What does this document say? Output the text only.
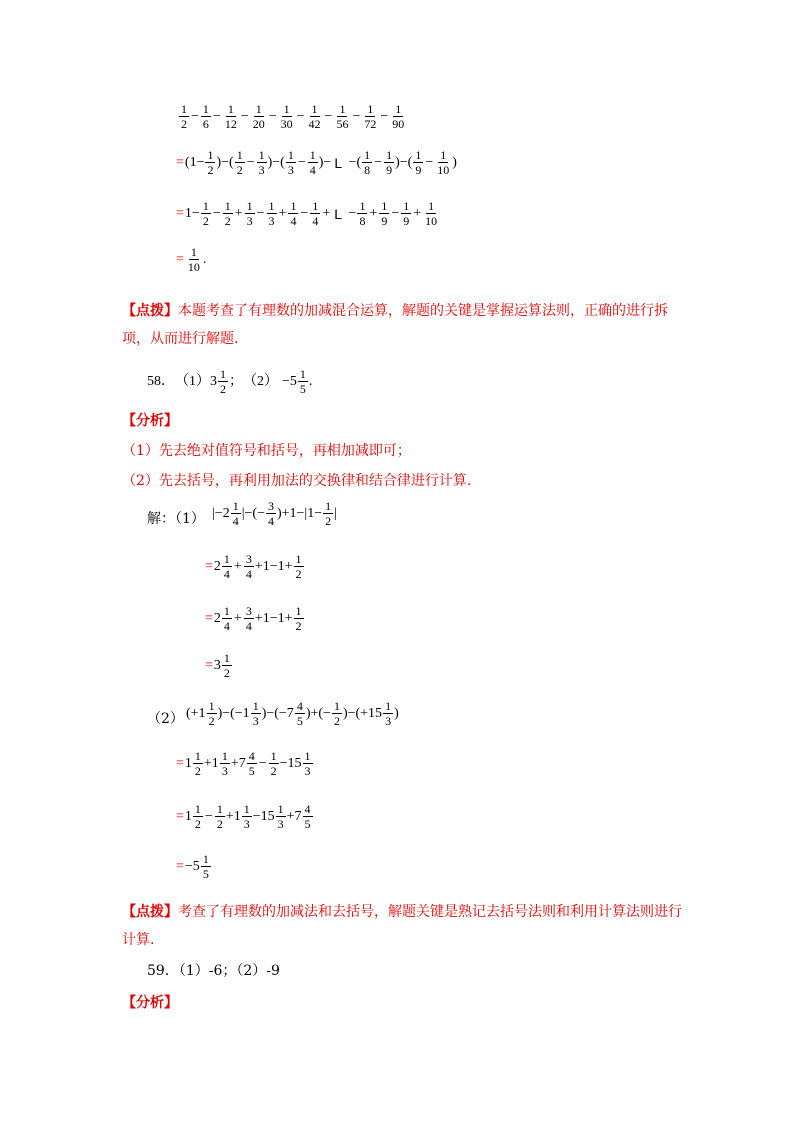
$\frac{1}{2} - \frac{1}{6} - \frac{1}{12} - \frac{1}{20} - \frac{1}{30} - \frac{1}{42} - \frac{1}{56} - \frac{1}{72} - \frac{1}{90}$
= ($1- \frac{1}{2}$ )−( $\frac{1}{2} - \frac{1}{3}$ )−( $\frac{1}{3} - \frac{1}{4}$ )− L −( $\frac{1}{8} - \frac{1}{9}$ )−( $\frac{1}{9} - \frac{1}{10}$ )
= $1- \frac{1}{2} - \frac{1}{2} + \frac{1}{3} - \frac{1}{3} + \frac{1}{4} - \frac{1}{4} + L - \frac{1}{8} + \frac{1}{9} - \frac{1}{9} + \frac{1}{10}$
= $\frac{1}{10}$ .
【点拨】本题考查了有理数的加减混合运算，解题的关键是掌握运算法则，正确的进行拆项，从而进行解题.
58． （1） $3 \frac{1}{2}$ ； $(2) -5 \frac{1}{5}$ .
【分析】
（1）先去绝对值符号和括号，再相加减即可；
（2）先去括号，再利用加法的交换律和结合律进行计算.
解：（1） $|-2 \frac{1}{4}$ |−(− $\frac{3}{4} )+1-|1- \frac{1}{2}$ |
= $2 \frac{1}{4} + \frac{3}{4} +1-1+ \frac{1}{2}$
= $2 \frac{1}{4} + \frac{3}{4} +1-1+ \frac{1}{2}$
= $3 \frac{1}{2}$
（2） $(+1 \frac{1}{2} )-(-1 \frac{1}{3} )-(-7 \frac{4}{5}$ )+(− $\frac{1}{2} )-(+15 \frac{1}{3}$ )
= $1 \frac{1}{2} +1 \frac{1}{3} +7 \frac{4}{5} - \frac{1}{2} -15 \frac{1}{3}$
= $1 \frac{1}{2} - \frac{1}{2} +1 \frac{1}{3} -15 \frac{1}{3} +7 \frac{4}{5}$
= $-5 \frac{1}{5}$
【点拨】考查了有理数的加减法和去括号，解题关键是熟记去括号法则和利用计算法则进行计算.
59．（1）-6；（2）-9
【分析】
